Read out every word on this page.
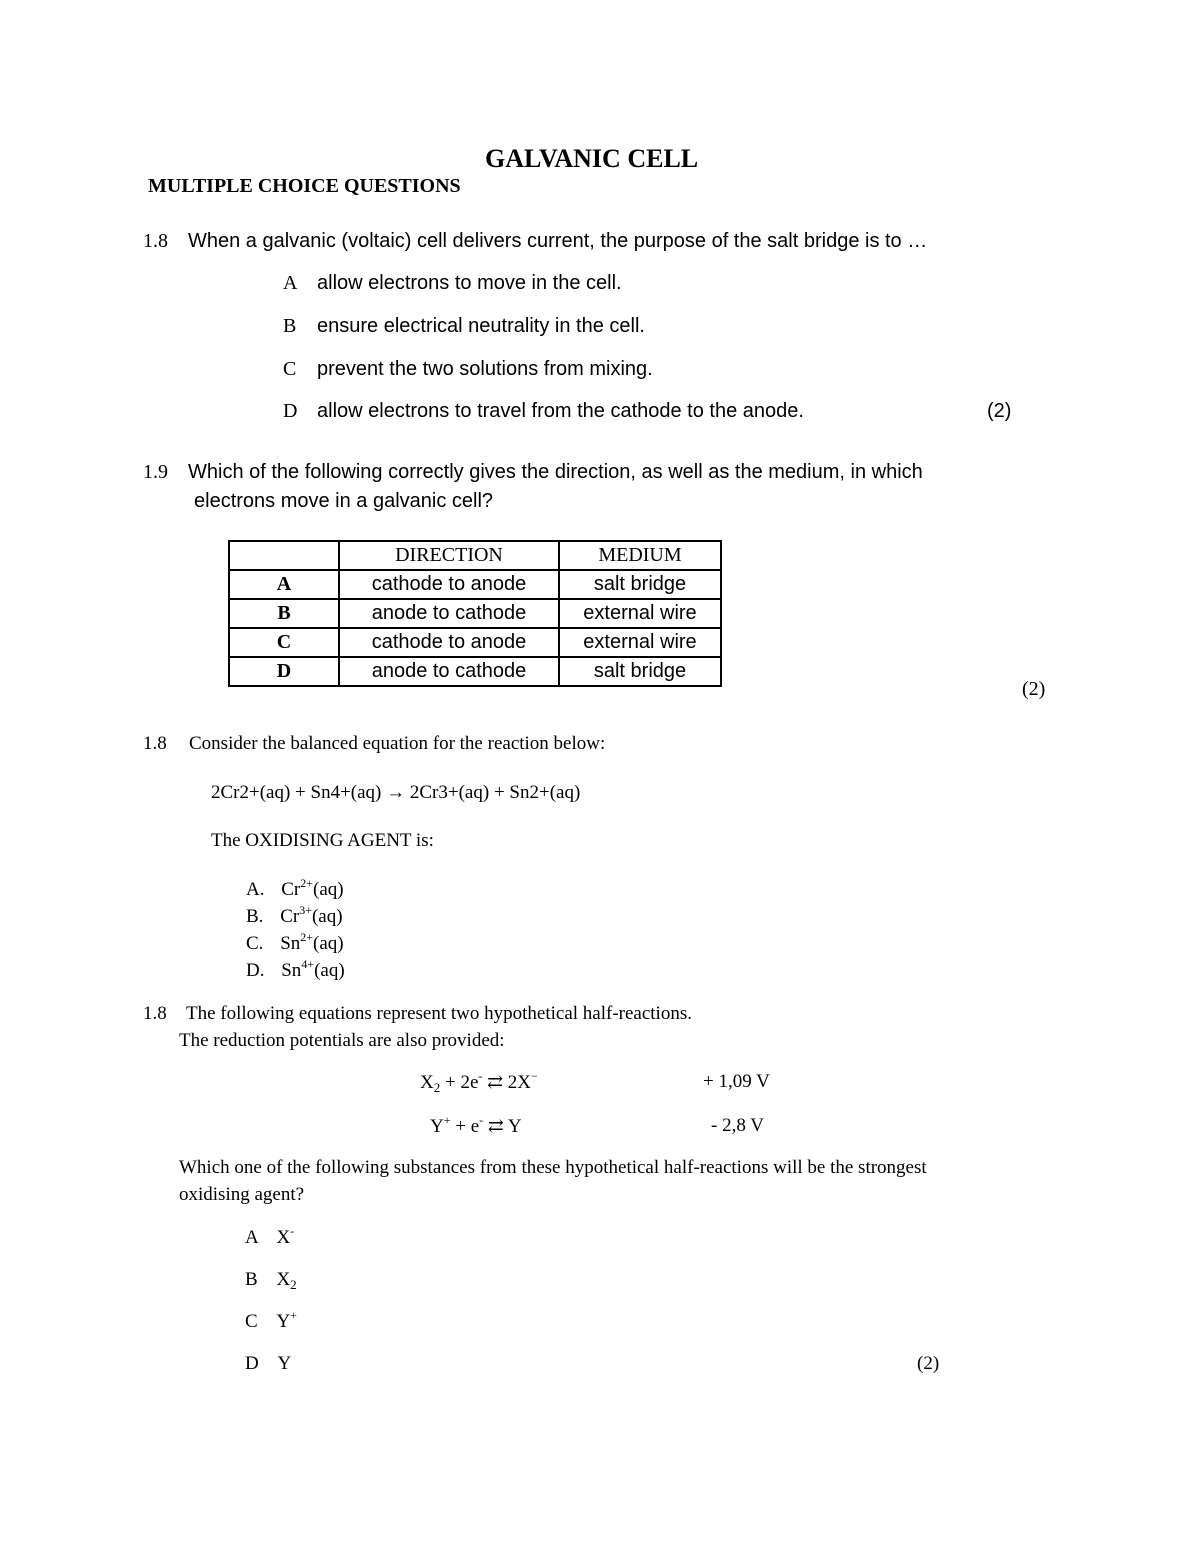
GALVANIC CELL
MULTIPLE CHOICE QUESTIONS
1.8 When a galvanic (voltaic) cell delivers current, the purpose of the salt bridge is to …
A allow electrons to move in the cell.
B ensure electrical neutrality in the cell.
C prevent the two solutions from mixing.
D allow electrons to travel from the cathode to the anode.	(2)
1.9 Which of the following correctly gives the direction, as well as the medium, in which
electrons move in a galvanic cell?
	DIRECTION	MEDIUM
A	cathode to anode	salt bridge
B	anode to cathode	external wire
C	cathode to anode	external wire
D	anode to cathode	salt bridge
(2)
1.8 Consider the balanced equation for the reaction below:
2Cr2+(aq) + Sn4+(aq) → 2Cr3+(aq) + Sn2+(aq)
The OXIDISING AGENT is:
A. $Cr^{2+}(aq)$
B. $Cr^{3+}(aq)$
C. $Sn^{2+}(aq)$
D. $Sn^{4+}(aq)$
1.8 The following equations represent two hypothetical half-reactions.
The reduction potentials are also provided:
$X_2 + 2e^-$ ⇄ 2X−	+ 1,09 V
Y+ + e- ⇄ Y	- 2,8 V
Which one of the following substances from these hypothetical half-reactions will be the strongest
oxidising agent?
A X-
B $X_2$
C Y+
D Y	(2)
